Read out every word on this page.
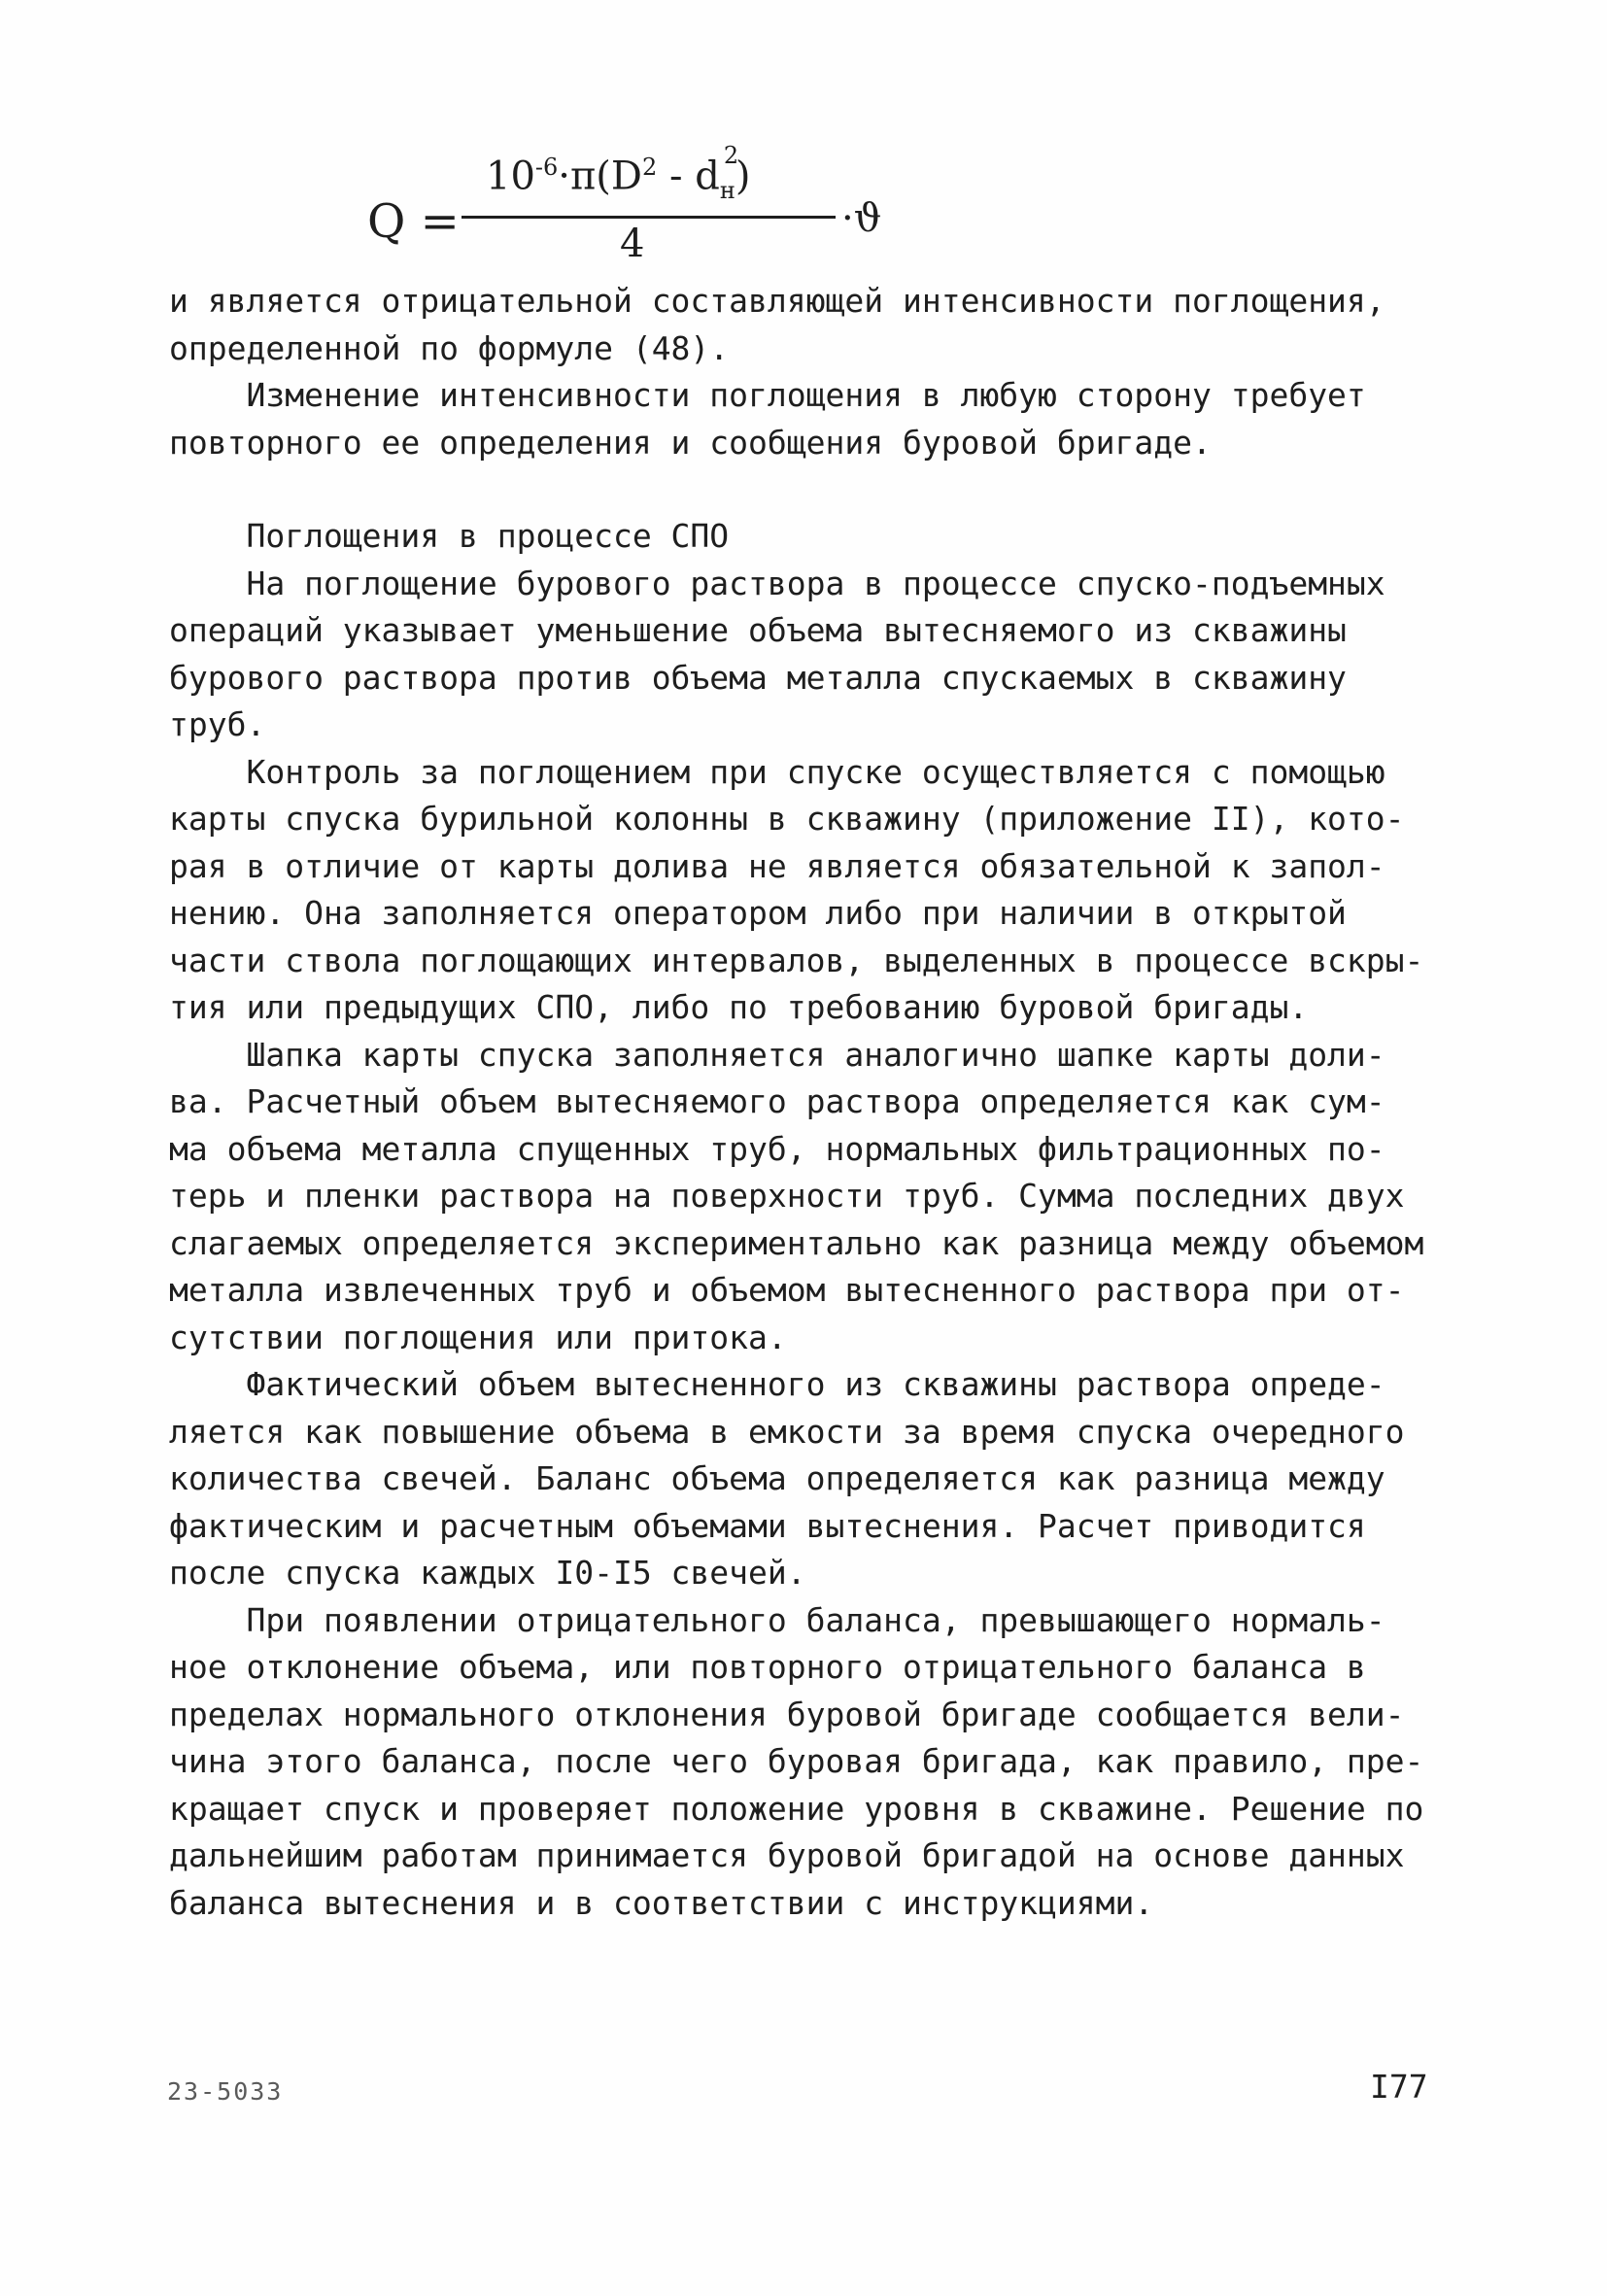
Q =
$10^{-6}\cdot\pi(D^2 - d$ 2
$_н$)
4
·ϑ

и является отрицательной составляющей интенсивности поглощения,

определенной по формуле (48).

Изменение интенсивности поглощения в любую сторону требует

повторного ее определения и сообщения буровой бригаде.

Поглощения в процессе СПО

На поглощение бурового раствора в процессе спуско-подъемных

операций указывает уменьшение объема вытесняемого из скважины

бурового раствора против объема металла спускаемых в скважину

труб.

Контроль за поглощением при спуске осуществляется с помощью

карты спуска бурильной колонны в скважину (приложение II), кото-

рая в отличие от карты долива не является обязательной к запол-

нению. Она заполняется оператором либо при наличии в открытой

части ствола поглощающих интервалов, выделенных в процессе вскры-

тия или предыдущих СПО, либо по требованию буровой бригады.

Шапка карты спуска заполняется аналогично шапке карты доли-

ва. Расчетный объем вытесняемого раствора определяется как сум-

ма объема металла спущенных труб, нормальных фильтрационных по-

терь и пленки раствора на поверхности труб. Сумма последних двух

слагаемых определяется экспериментально как разница между объемом

металла извлеченных труб и объемом вытесненного раствора при от-

сутствии поглощения или притока.

Фактический объем вытесненного из скважины раствора опреде-

ляется как повышение объема в емкости за время спуска очередного

количества свечей. Баланс объема определяется как разница между

фактическим и расчетным объемами вытеснения. Расчет приводится

после спуска каждых I0-I5 свечей.

При появлении отрицательного баланса, превышающего нормаль-

ное отклонение объема, или повторного отрицательного баланса в

пределах нормального отклонения буровой бригаде сообщается вели-

чина этого баланса, после чего буровая бригада, как правило, пре-

кращает спуск и проверяет положение уровня в скважине. Решение по

дальнейшим работам принимается буровой бригадой на основе данных

баланса вытеснения и в соответствии с инструкциями.

23-5033	I77
